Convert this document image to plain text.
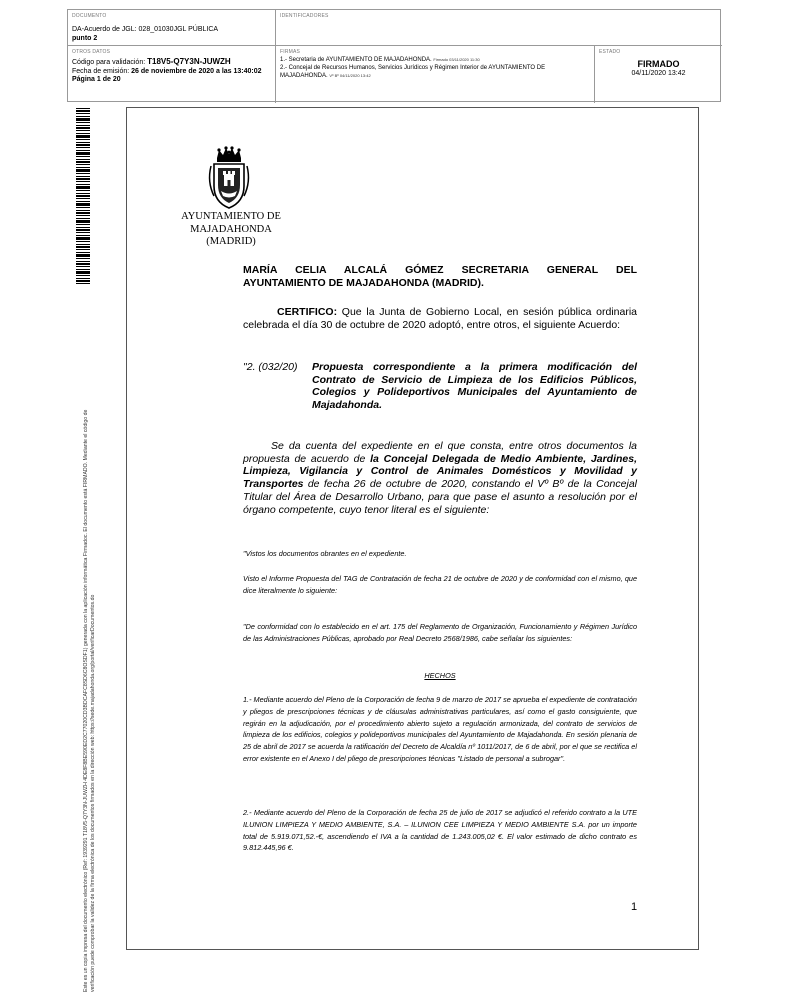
DOCUMENTO
DA-Acuerdo de JGL: 028_01030JGL PÚBLICA
punto 2
IDENTIFICADORES
OTROS DATOS
Código para validación: T18V5-Q7Y3N-JUWZH
Fecha de emisión: 26 de noviembre de 2020 a las 13:40:02
Página 1 de 20
FIRMAS
1.- Secretaria de AYUNTAMIENTO DE MAJADAHONDA. Firmado 03/11/2020 11:30
2.- Concejal de Recursos Humanos, Servicios Jurídicos y Régimen Interior de AYUNTAMIENTO DE MAJADAHONDA. Vº Bº 04/11/2020 13:42
ESTADO
FIRMADO
04/11/2020 13:42
Este es un copia impresa del documento electrónico (Ref: 1939291 T18V5-Q7Y3N-JUWZH 4DE8F8BE590ED2C77020CD3BDCAFC8SD6C8OSDF1) generada con la aplicación informática Firmadoc. El documento está FIRMADO. Mediante el código de verificación puede comprobar la validez de la firma electrónica de los documentos firmados en la dirección web: https://sede.majadahonda.org/portal/verificarDocumentos.do
AYUNTAMIENTO DE
MAJADAHONDA
(MADRID)
MARÍA CELIA ALCALÁ GÓMEZ SECRETARIA GENERAL DEL
AYUNTAMIENTO DE MAJADAHONDA (MADRID).
CERTIFICO: Que la Junta de Gobierno Local, en sesión pública ordinaria celebrada el día 30 de octubre de 2020 adoptó, entre otros, el siguiente Acuerdo:
"2. (032/20) Propuesta correspondiente a la primera modificación del Contrato de Servicio de Limpieza de los Edificios Públicos, Colegios y Polideportivos Municipales del Ayuntamiento de Majadahonda.
Se da cuenta del expediente en el que consta, entre otros documentos la propuesta de acuerdo de la Concejal Delegada de Medio Ambiente, Jardines, Limpieza, Vigilancia y Control de Animales Domésticos y Movilidad y Transportes de fecha 26 de octubre de 2020, constando el Vº Bº de la Concejal Titular del Área de Desarrollo Urbano, para que pase el asunto a resolución por el órgano competente, cuyo tenor literal es el siguiente:
"Vistos los documentos obrantes en el expediente.
Visto el Informe Propuesta del TAG de Contratación de fecha 21 de octubre de 2020 y de conformidad con el mismo, que dice literalmente lo siguiente:
"De conformidad con lo establecido en el art. 175 del Reglamento de Organización, Funcionamiento y Régimen Jurídico de las Administraciones Públicas, aprobado por Real Decreto 2568/1986, cabe señalar los siguientes:
HECHOS
1.- Mediante acuerdo del Pleno de la Corporación de fecha 9 de marzo de 2017 se aprueba el expediente de contratación y pliegos de prescripciones técnicas y de cláusulas administrativas particulares, así como el gasto consiguiente, que regirán en la adjudicación, por el procedimiento abierto sujeto a regulación armonizada, del contrato de servicios de limpieza de los edificios, colegios y polideportivos municipales del Ayuntamiento de Majadahonda. En sesión plenaria de 25 de abril de 2017 se acuerda la ratificación del Decreto de Alcaldía nº 1011/2017, de 6 de abril, por el que se rectifica el error existente en el Anexo I del pliego de prescripciones técnicas "Listado de personal a subrogar".
2.- Mediante acuerdo del Pleno de la Corporación de fecha 25 de julio de 2017 se adjudicó el referido contrato a la UTE ILUNION LIMPIEZA Y MEDIO AMBIENTE, S.A. – ILUNION CEE LIMPIEZA Y MEDIO AMBIENTE S.A. por un importe total de 5.919.071,52.-€, ascendiendo el IVA a la cantidad de 1.243.005,02 €. El valor estimado de dicho contrato es 9.812.445,96 €.
1
